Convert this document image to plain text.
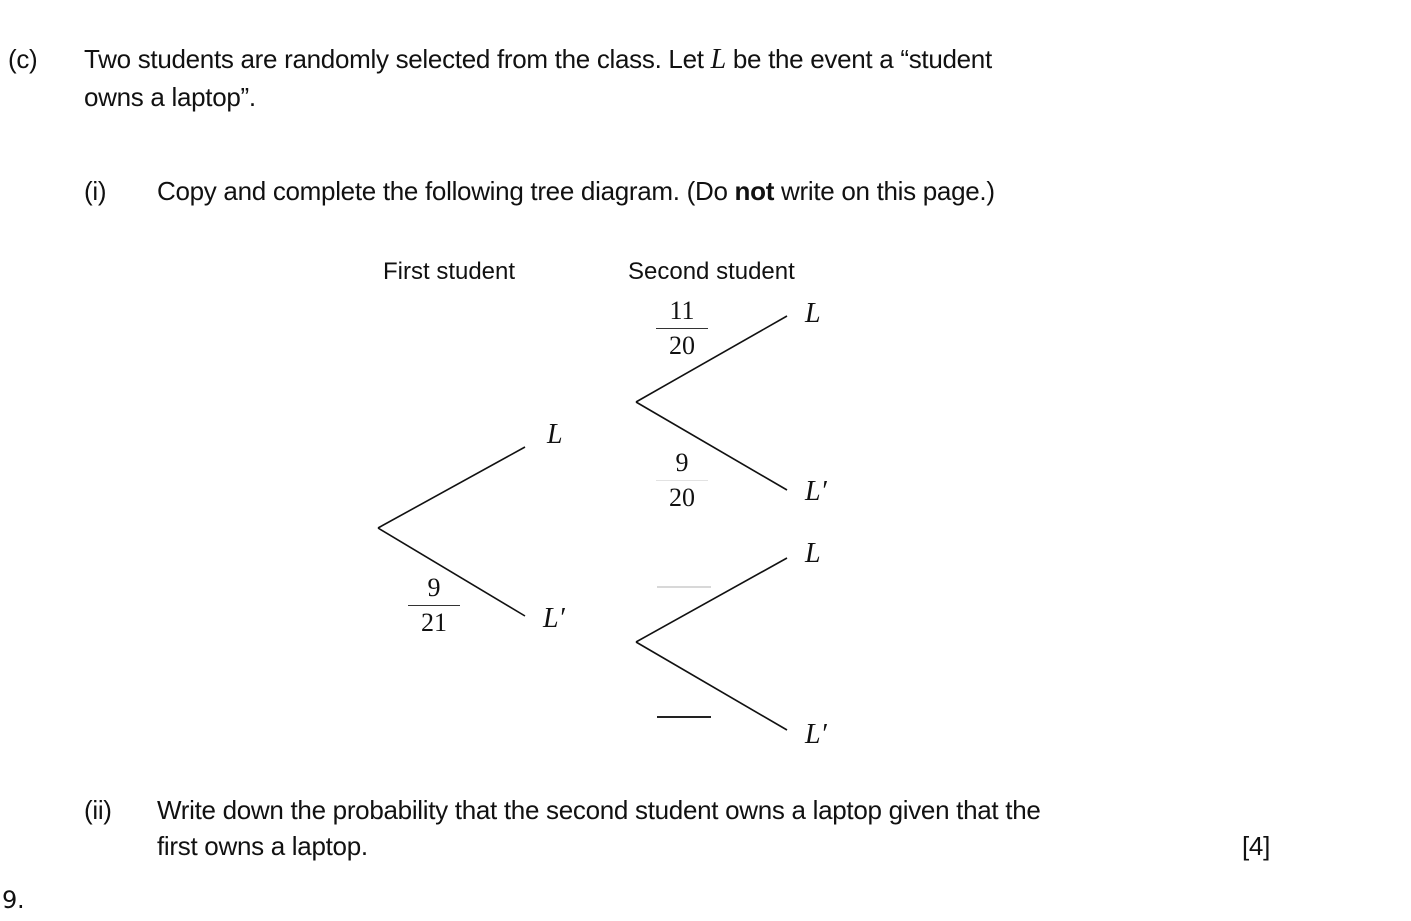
(c) Two students are randomly selected from the class. Let L be the event a “student
owns a laptop”.
(i) Copy and complete the following tree diagram. (Do not write on this page.)
First student	Second student
L
L′
9
21
11
20
9
20
L
L′
L
L′
(ii) Write down the probability that the second student owns a laptop given that the
first owns a laptop.	[4]
9.
